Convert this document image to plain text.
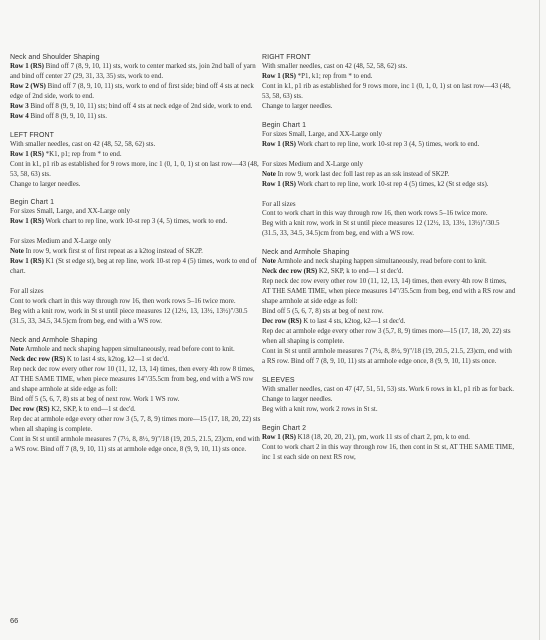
Neck and Shoulder Shaping
Row 1 (RS) Bind off 7 (8, 9, 10, 11) sts, work to center marked sts, join 2nd ball of yarn and bind off center 27 (29, 31, 33, 35) sts, work to end.
Row 2 (WS) Bind off 7 (8, 9, 10, 11) sts, work to end of first side; bind off 4 sts at neck edge of 2nd side, work to end.
Row 3 Bind off 8 (9, 9, 10, 11) sts; bind off 4 sts at neck edge of 2nd side, work to end.
Row 4 Bind off 8 (9, 9, 10, 11) sts.
LEFT FRONT
With smaller needles, cast on 42 (48, 52, 58, 62) sts.
Row 1 (RS) *K1, p1; rep from * to end.
Cont in k1, p1 rib as established for 9 rows more, inc 1 (0, 1, 0, 1) st on last row—43 (48, 53, 58, 63) sts.
Change to larger needles.
Begin Chart 1
For sizes Small, Large, and XX-Large only
Row 1 (RS) Work chart to rep line, work 10-st rep 3 (4, 5) times, work to end.
For sizes Medium and X-Large only
Note In row 9, work first st of first repeat as a k2tog instead of SK2P.
Row 1 (RS) K1 (St st edge st), beg at rep line, work 10-st rep 4 (5) times, work to end of chart.
For all sizes
Cont to work chart in this way through row 16, then work rows 5–16 twice more.
Beg with a knit row, work in St st until piece measures 12 (12½, 13, 13½, 13½)"/30.5 (31.5, 33, 34.5, 34.5)cm from beg, end with a WS row.
Neck and Armhole Shaping
Note Armhole and neck shaping happen simultaneously, read before cont to knit.
Neck dec row (RS) K to last 4 sts, k2tog, k2—1 st dec'd.
Rep neck dec row every other row 10 (11, 12, 13, 14) times, then every 4th row 8 times, AT THE SAME TIME, when piece measures 14"/35.5cm from beg, end with a WS row and shape armhole at side edge as foll:
Bind off 5 (5, 6, 7, 8) sts at beg of next row. Work 1 WS row.
Dec row (RS) K2, SKP, k to end—1 st dec'd.
Rep dec at armhole edge every other row 3 (5, 7, 8, 9) times more—15 (17, 18, 20, 22) sts when all shaping is complete.
Cont in St st until armhole measures 7 (7½, 8, 8½, 9)"/18 (19, 20.5, 21.5, 23)cm, end with a WS row. Bind off 7 (8, 9, 10, 11) sts at armhole edge once, 8 (9, 9, 10, 11) sts once.
RIGHT FRONT
With smaller needles, cast on 42 (48, 52, 58, 62) sts.
Row 1 (RS) *P1, k1; rep from * to end.
Cont in k1, p1 rib as established for 9 rows more, inc 1 (0, 1, 0, 1) st on last row—43 (48, 53, 58, 63) sts.
Change to larger needles.
Begin Chart 1
For sizes Small, Large, and XX-Large only
Row 1 (RS) Work chart to rep line, work 10-st rep 3 (4, 5) times, work to end.
For sizes Medium and X-Large only
Note In row 9, work last dec foll last rep as an ssk instead of SK2P.
Row 1 (RS) Work chart to rep line, work 10-st rep 4 (5) times, k2 (St st edge sts).
For all sizes
Cont to work chart in this way through row 16, then work rows 5–16 twice more.
Beg with a knit row, work in St st until piece measures 12 (12½, 13, 13½, 13½)"/30.5 (31.5, 33, 34.5, 34.5)cm from beg, end with a WS row.
Neck and Armhole Shaping
Note Armhole and neck shaping happen simultaneously, read before cont to knit.
Neck dec row (RS) K2, SKP, k to end—1 st dec'd.
Rep neck dec row every other row 10 (11, 12, 13, 14) times, then every 4th row 8 times, AT THE SAME TIME, when piece measures 14"/35.5cm from beg, end with a RS row and shape armhole at side edge as foll:
Bind off 5 (5, 6, 7, 8) sts at beg of next row.
Dec row (RS) K to last 4 sts, k2tog, k2—1 st dec'd.
Rep dec at armhole edge every other row 3 (5,7, 8, 9) times more—15 (17, 18, 20, 22) sts when all shaping is complete.
Cont in St st until armhole measures 7 (7½, 8, 8½, 9)"/18 (19, 20.5, 21.5, 23)cm, end with a RS row. Bind off 7 (8, 9, 10, 11) sts at armhole edge once, 8 (9, 9, 10, 11) sts once.
SLEEVES
With smaller needles, cast on 47 (47, 51, 51, 53) sts. Work 6 rows in k1, p1 rib as for back.
Change to larger needles.
Beg with a knit row, work 2 rows in St st.
Begin Chart 2
Row 1 (RS) K18 (18, 20, 20, 21), pm, work 11 sts of chart 2, pm, k to end.
Cont to work chart 2 in this way through row 16, then cont in St st, AT THE SAME TIME, inc 1 st each side on next RS row,
66
